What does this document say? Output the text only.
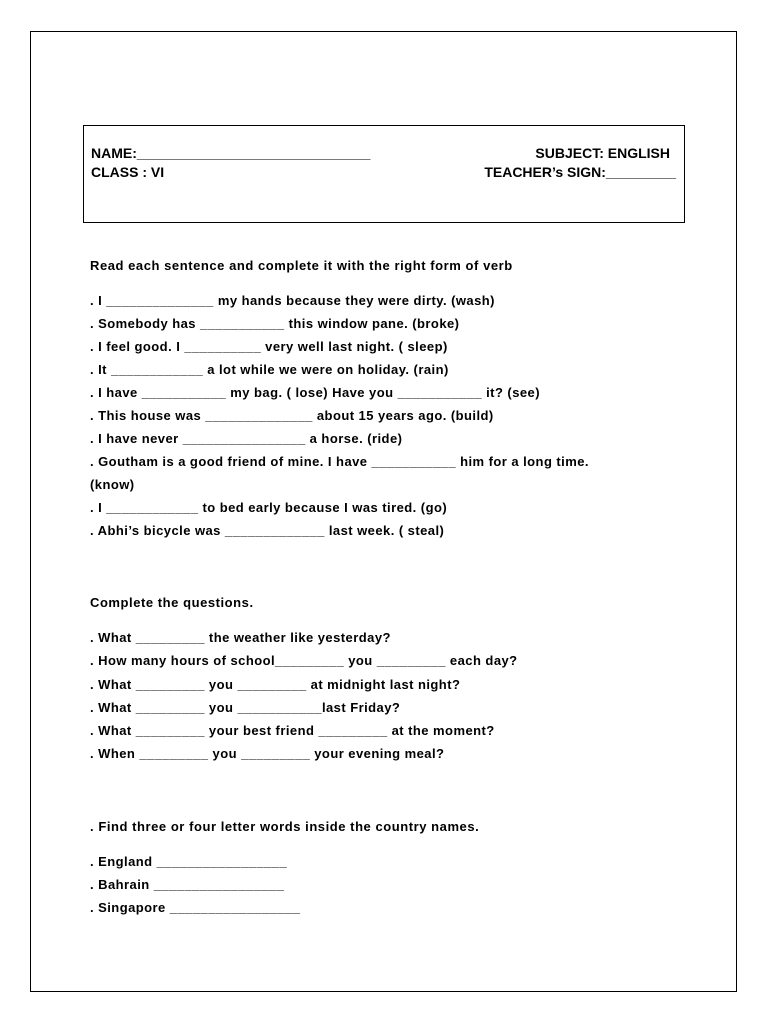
NAME:______________________________	SUBJECT: ENGLISH
CLASS : VI	TEACHER’s SIGN:_________
Read each sentence and complete it with the right form of verb
. I ______________ my hands because they were dirty. (wash)
. Somebody has ___________ this window pane. (broke)
. I feel good. I __________ very well last night. ( sleep)
. It ____________ a lot while we were on holiday. (rain)
. I have ___________ my bag. ( lose) Have you ___________ it? (see)
. This house was ______________ about 15 years ago. (build)
. I have never ________________ a horse. (ride)
. Goutham is a good friend of mine. I have ___________ him for a long time.
(know)
. I ____________ to bed early because I was tired. (go)
. Abhi’s bicycle was _____________ last week. ( steal)
Complete the questions.
. What _________ the weather like yesterday?
. How many hours of school_________ you _________ each day?
. What _________ you _________ at midnight last night?
. What _________ you ___________last Friday?
. What _________ your best friend _________ at the moment?
. When _________ you _________ your evening meal?
. Find three or four letter words inside the country names.
. England _________________
. Bahrain _________________
. Singapore _________________
